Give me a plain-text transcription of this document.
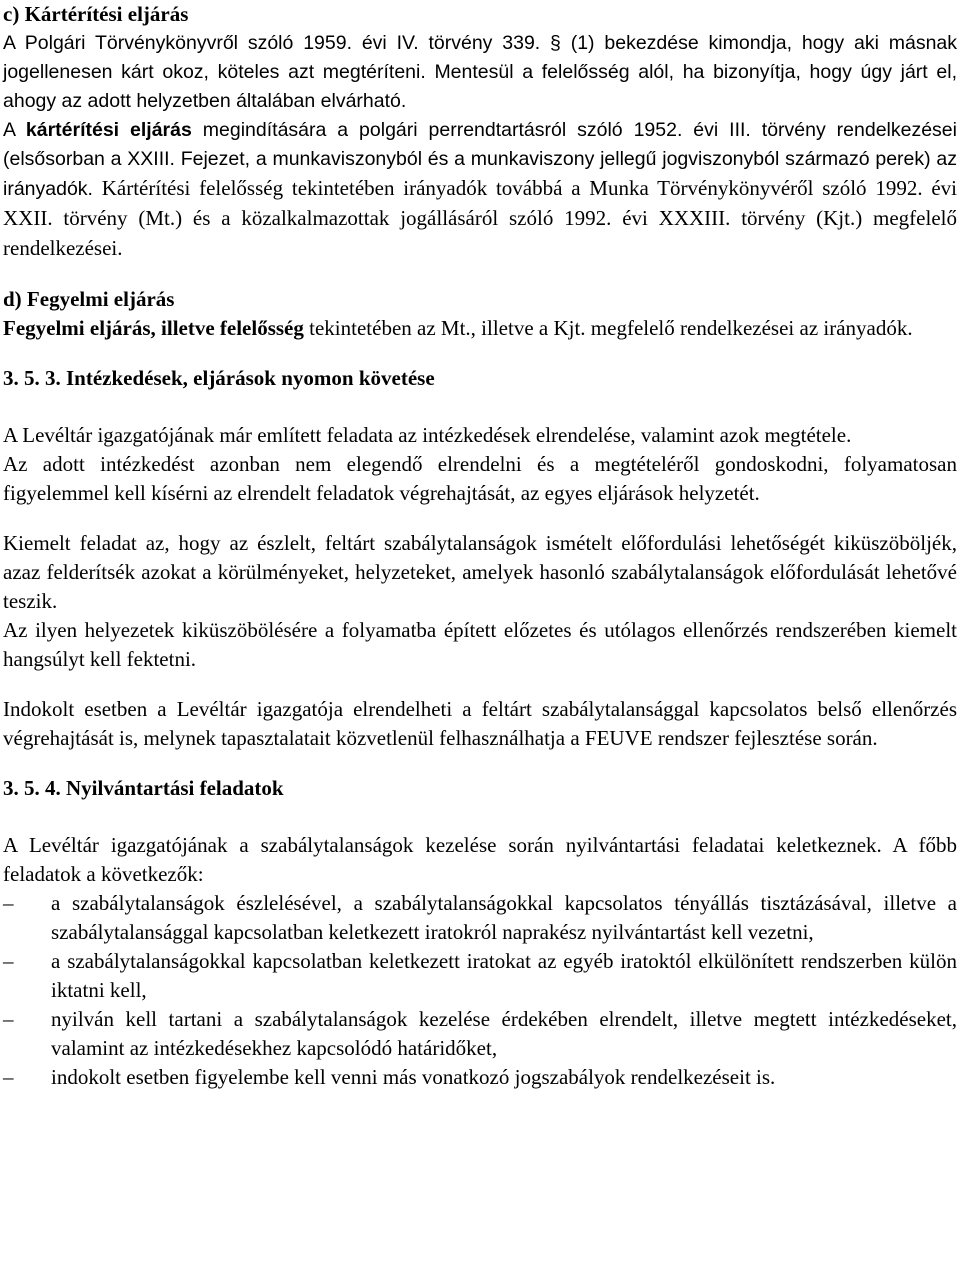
c) Kártérítési eljárás

A Polgári Törvénykönyvről szóló 1959. évi IV. törvény 339. § (1) bekezdése kimondja, hogy aki másnak jogellenesen kárt okoz, köteles azt megtéríteni. Mentesül a felelősség alól, ha bizonyítja, hogy úgy járt el, ahogy az adott helyzetben általában elvárható.

A kártérítési eljárás megindítására a polgári perrendtartásról szóló 1952. évi III. törvény rendelkezései (elsősorban a XXIII. Fejezet, a munkaviszonyból és a munkaviszony jellegű jogviszonyból származó perek) az irányadók. Kártérítési felelősség tekintetében irányadók továbbá a Munka Törvénykönyvéről szóló 1992. évi XXII. törvény (Mt.) és a közalkalmazottak jogállásáról szóló 1992. évi XXXIII. törvény (Kjt.) megfelelő rendelkezései.

d) Fegyelmi eljárás

Fegyelmi eljárás, illetve felelősség tekintetében az Mt., illetve a Kjt. megfelelő rendelkezései az irányadók.

3. 5. 3. Intézkedések, eljárások nyomon követése

A Levéltár igazgatójának már említett feladata az intézkedések elrendelése, valamint azok megtétele.

Az adott intézkedést azonban nem elegendő elrendelni és a megtételéről gondoskodni, folyamatosan figyelemmel kell kísérni az elrendelt feladatok végrehajtását, az egyes eljárások helyzetét.

Kiemelt feladat az, hogy az észlelt, feltárt szabálytalanságok ismételt előfordulási lehetőségét kiküszöböljék, azaz felderítsék azokat a körülményeket, helyzeteket, amelyek hasonló szabálytalanságok előfordulását lehetővé teszik.

Az ilyen helyezetek kiküszöbölésére a folyamatba épített előzetes és utólagos ellenőrzés rendszerében kiemelt hangsúlyt kell fektetni.

Indokolt esetben a Levéltár igazgatója elrendelheti a feltárt szabálytalansággal kapcsolatos belső ellenőrzés végrehajtását is, melynek tapasztalatait közvetlenül felhasználhatja a FEUVE rendszer fejlesztése során.

3. 5. 4. Nyilvántartási feladatok

A Levéltár igazgatójának a szabálytalanságok kezelése során nyilvántartási feladatai keletkeznek. A főbb feladatok a következők:

– a szabálytalanságok észlelésével, a szabálytalanságokkal kapcsolatos tényállás tisztázásával, illetve a szabálytalansággal kapcsolatban keletkezett iratokról naprakész nyilvántartást kell vezetni,
– a szabálytalanságokkal kapcsolatban keletkezett iratokat az egyéb iratoktól elkülönített rendszerben külön iktatni kell,
– nyilván kell tartani a szabálytalanságok kezelése érdekében elrendelt, illetve megtett intézkedéseket, valamint az intézkedésekhez kapcsolódó határidőket,
– indokolt esetben figyelembe kell venni más vonatkozó jogszabályok rendelkezéseit is.
